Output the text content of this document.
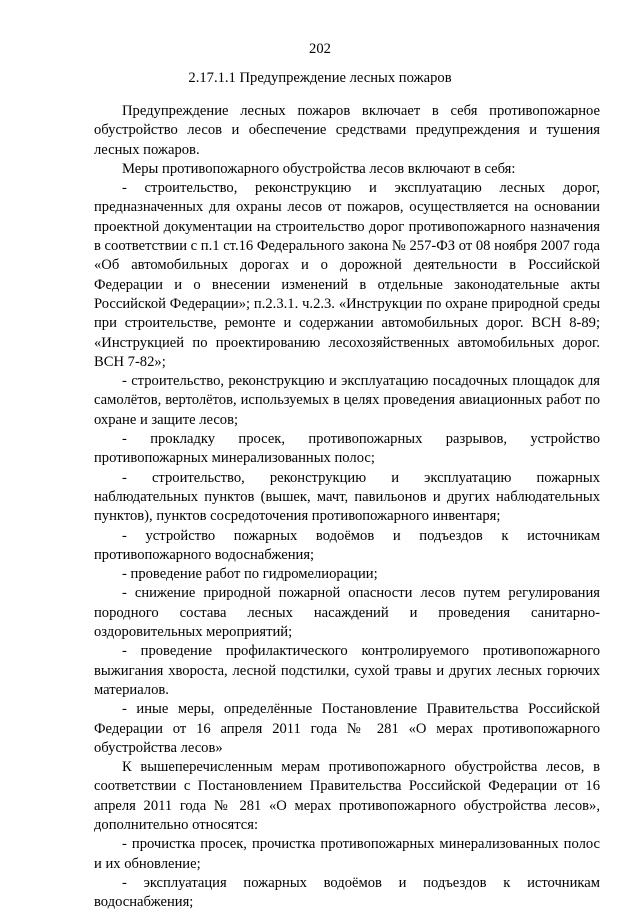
202
2.17.1.1 Предупреждение лесных пожаров

Предупреждение лесных пожаров включает в себя противопожарное обустройство лесов и обеспечение средствами предупреждения и тушения лесных пожаров.

Меры противопожарного обустройства лесов включают в себя:

- строительство, реконструкцию и эксплуатацию лесных дорог, предназначенных для охраны лесов от пожаров, осуществляется на основании проектной документации на строительство дорог противопожарного назначения в соответствии с п.1 ст.16 Федерального закона № 257-ФЗ от 08 ноября 2007 года «Об автомобильных дорогах и о дорожной деятельности в Российской Федерации и о внесении изменений в отдельные законодательные акты Российской Федерации»; п.2.3.1. ч.2.3. «Инструкции по охране природной среды при строительстве, ремонте и содержании автомобильных дорог. ВСН 8-89; «Инструкцией по проектированию лесохозяйственных автомобильных дорог. ВСН 7-82»;

- строительство, реконструкцию и эксплуатацию посадочных площадок для самолётов, вертолётов, используемых в целях проведения авиационных работ по охране и защите лесов;

- прокладку просек, противопожарных разрывов, устройство противопожарных минерализованных полос;

- строительство, реконструкцию и эксплуатацию пожарных наблюдательных пунктов (вышек, мачт, павильонов и других наблюдательных пунктов), пунктов сосредоточения противопожарного инвентаря;

- устройство пожарных водоёмов и подъездов к источникам противопожарного водоснабжения;

- проведение работ по гидромелиорации;

- снижение природной пожарной опасности лесов путем регулирования породного состава лесных насаждений и проведения санитарно-оздоровительных мероприятий;

- проведение профилактического контролируемого противопожарного выжигания хвороста, лесной подстилки, сухой травы и других лесных горючих материалов.

- иные меры, определённые Постановление Правительства Российской Федерации от 16 апреля 2011 года № 281 «О мерах противопожарного обустройства лесов»

К вышеперечисленным мерам противопожарного обустройства лесов, в соответствии с Постановлением Правительства Российской Федерации от 16 апреля 2011 года № 281 «О мерах противопожарного обустройства лесов», дополнительно относятся:

- прочистка просек, прочистка противопожарных минерализованных полос и их обновление;

- эксплуатация пожарных водоёмов и подъездов к источникам водоснабжения;
